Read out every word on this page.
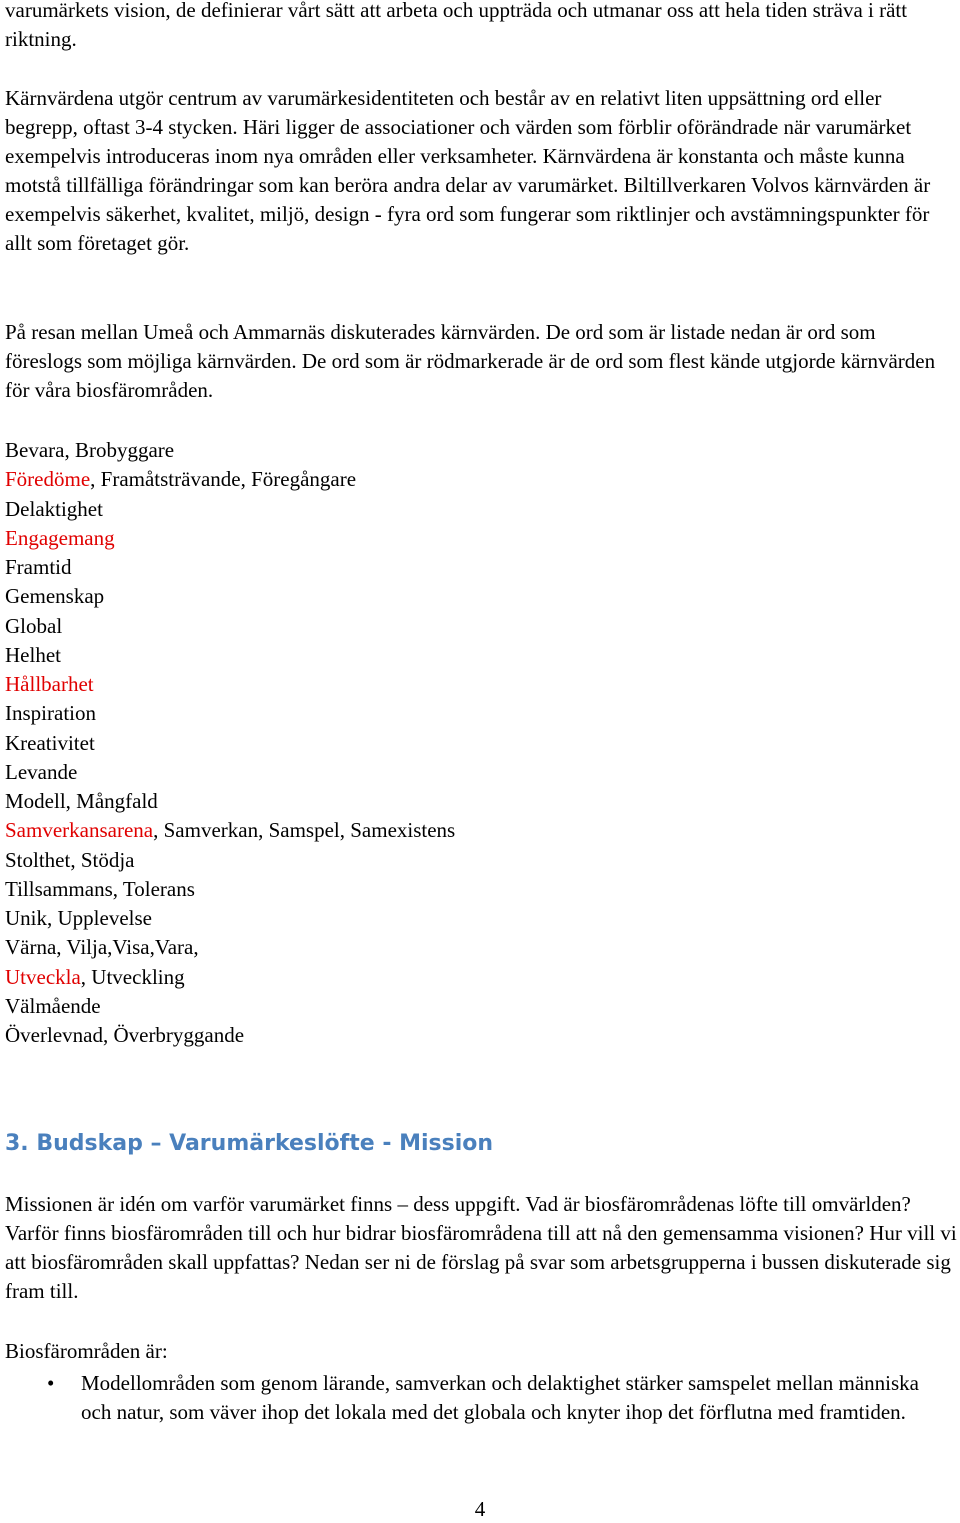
varumärkets vision, de definierar vårt sätt att arbeta och uppträda och utmanar oss att hela tiden sträva i rätt riktning.

Kärnvärdena utgör centrum av varumärkesidentiteten och består av en relativt liten uppsättning ord eller begrepp, oftast 3-4 stycken. Häri ligger de associationer och värden som förblir oförändrade när varumärket exempelvis introduceras inom nya områden eller verksamheter. Kärnvärdena är konstanta och måste kunna motstå tillfälliga förändringar som kan beröra andra delar av varumärket. Biltillverkaren Volvos kärnvärden är exempelvis säkerhet, kvalitet, miljö, design - fyra ord som fungerar som riktlinjer och avstämningspunkter för allt som företaget gör.

På resan mellan Umeå och Ammarnäs diskuterades kärnvärden. De ord som är listade nedan är ord som föreslogs som möjliga kärnvärden. De ord som är rödmarkerade är de ord som flest kände utgjorde kärnvärden för våra biosfärområden.

Bevara, Brobyggare
Föredöme, Framåtsträvande, Föregångare
Delaktighet
Engagemang
Framtid
Gemenskap
Global
Helhet
Hållbarhet
Inspiration
Kreativitet
Levande
Modell, Mångfald
Samverkansarena, Samverkan, Samspel, Samexistens
Stolthet, Stödja
Tillsammans, Tolerans
Unik, Upplevelse
Värna, Vilja,Visa,Vara,
Utveckla, Utveckling
Välmående
Överlevnad, Överbryggande
3. Budskap – Varumärkeslöfte - Mission

Missionen är idén om varför varumärket finns – dess uppgift. Vad är biosfärområdenas löfte till omvärlden? Varför finns biosfärområden till och hur bidrar biosfärområdena till att nå den gemensamma visionen? Hur vill vi att biosfärområden skall uppfattas? Nedan ser ni de förslag på svar som arbetsgrupperna i bussen diskuterade sig fram till.

Biosfärområden är:

• Modellområden som genom lärande, samverkan och delaktighet stärker samspelet mellan människa och natur, som väver ihop det lokala med det globala och knyter ihop det förflutna med framtiden.
4
